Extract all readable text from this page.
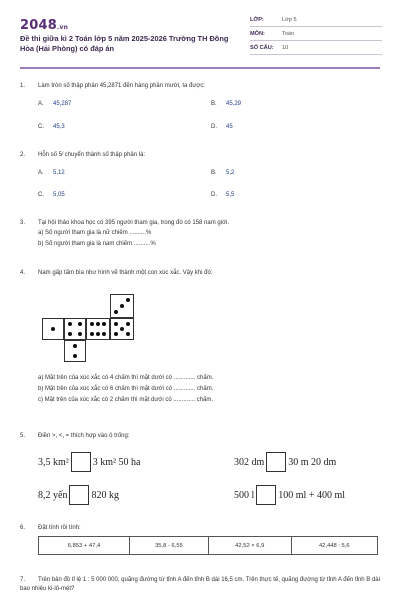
2048.vn
Đề thi giữa kì 2 Toán lớp 5 năm 2025-2026 Trường TH Đông Hòa (Hải Phòng) có đáp án
LỚP:	Lớp 5
MÔN:	Toán
SỐ CÂU:	10
1. Làm tròn số thập phân 45,2871 đến hàng phần mười, ta được:
A. 45,287	B. 45,29
C. 45,3	D. 45
2. Hỗn số 5⁄ chuyển thành số thập phân là:
A. 5,12	B. 5,2
C. 5,05	D. 5,5
3. Tại hội thảo khoa học có 395 người tham gia, trong đó có 158 nam giới.
a) Số người tham gia là nữ chiếm ..........%
b) Số người tham gia là nam chiếm ..........%
4. Nam gấp tấm bìa như hình vẽ thành một con xúc xắc. Vậy khi đó:
a) Mặt trên của xúc xắc có 4 chấm thì mặt dưới có ............. chấm.
b) Mặt trên của xúc xắc có 6 chấm thì mặt dưới có ............. chấm.
c) Mặt trên của xúc xắc có 2 chấm thì mặt dưới có ............. chấm.
5. Điền >, <, = thích hợp vào ô trống:
3,5 km² 3 km² 50 ha	302 dm 30 m 20 dm
8,2 yến 820 kg	500 l 100 ml + 400 ml
6. Đặt tính rồi tính:
6,853 + 47,4	35,8 - 6,55	42,52 × 6,9	42,448 : 5,6
7. Trên bản đồ tỉ lệ 1 : 5 000 000, quãng đường từ tỉnh A đến tỉnh B dài 16,5 cm. Trên thực tế, quãng đường từ tỉnh A đến tỉnh B dài bao nhiêu ki-lô-mét?
